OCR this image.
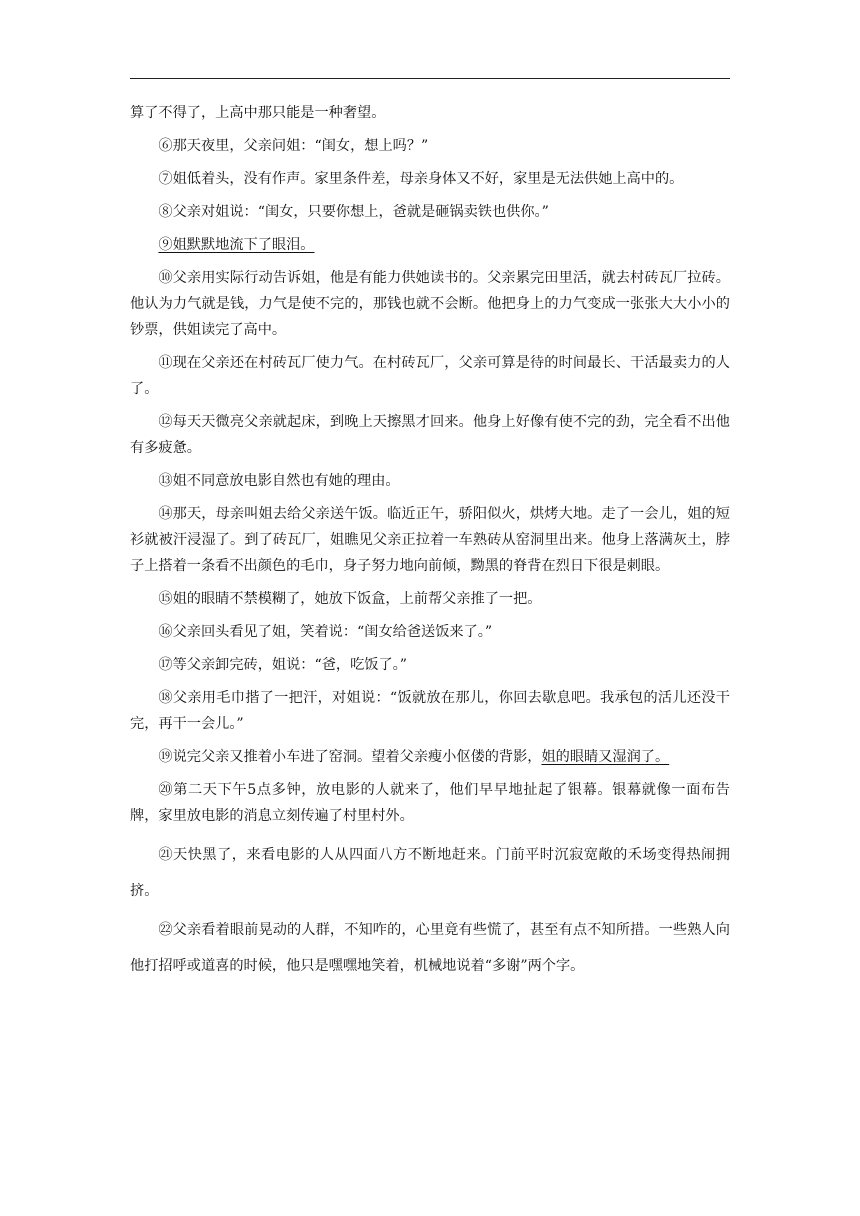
算了不得了，上高中那只能是一种奢望。

⑥那天夜里，父亲问姐：“闺女，想上吗？”

⑦姐低着头，没有作声。家里条件差，母亲身体又不好，家里是无法供她上高中的。

⑧父亲对姐说：“闺女，只要你想上，爸就是砸锅卖铁也供你。”

⑨姐默默地流下了眼泪。

⑩父亲用实际行动告诉姐，他是有能力供她读书的。父亲累完田里活，就去村砖瓦厂拉砖。他认为力气就是钱，力气是使不完的，那钱也就不会断。他把身上的力气变成一张张大大小小的钞票，供姐读完了高中。

⑪现在父亲还在村砖瓦厂使力气。在村砖瓦厂，父亲可算是待的时间最长、干活最卖力的人了。

⑫每天天微亮父亲就起床，到晚上天擦黑才回来。他身上好像有使不完的劲，完全看不出他有多疲惫。

⑬姐不同意放电影自然也有她的理由。

⑭那天，母亲叫姐去给父亲送午饭。临近正午，骄阳似火，烘烤大地。走了一会儿，姐的短衫就被汗浸湿了。到了砖瓦厂，姐瞧见父亲正拉着一车熟砖从窑洞里出来。他身上落满灰土，脖子上搭着一条看不出颜色的毛巾，身子努力地向前倾，黝黑的脊背在烈日下很是刺眼。

⑮姐的眼睛不禁模糊了，她放下饭盒，上前帮父亲推了一把。

⑯父亲回头看见了姐，笑着说：“闺女给爸送饭来了。”

⑰等父亲卸完砖，姐说：“爸，吃饭了。”

⑱父亲用毛巾揩了一把汗，对姐说：“饭就放在那儿，你回去歇息吧。我承包的活儿还没干完，再干一会儿。”

⑲说完父亲又推着小车进了窑洞。望着父亲瘦小伛偻的背影，姐的眼睛又湿润了。

⑳第二天下午5点多钟，放电影的人就来了，他们早早地扯起了银幕。银幕就像一面布告牌，家里放电影的消息立刻传遍了村里村外。

㉑天快黑了，来看电影的人从四面八方不断地赶来。门前平时沉寂宽敞的禾场变得热闹拥挤。

㉒父亲看着眼前晃动的人群，不知咋的，心里竟有些慌了，甚至有点不知所措。一些熟人向他打招呼或道喜的时候，他只是嘿嘿地笑着，机械地说着“多谢”两个字。
